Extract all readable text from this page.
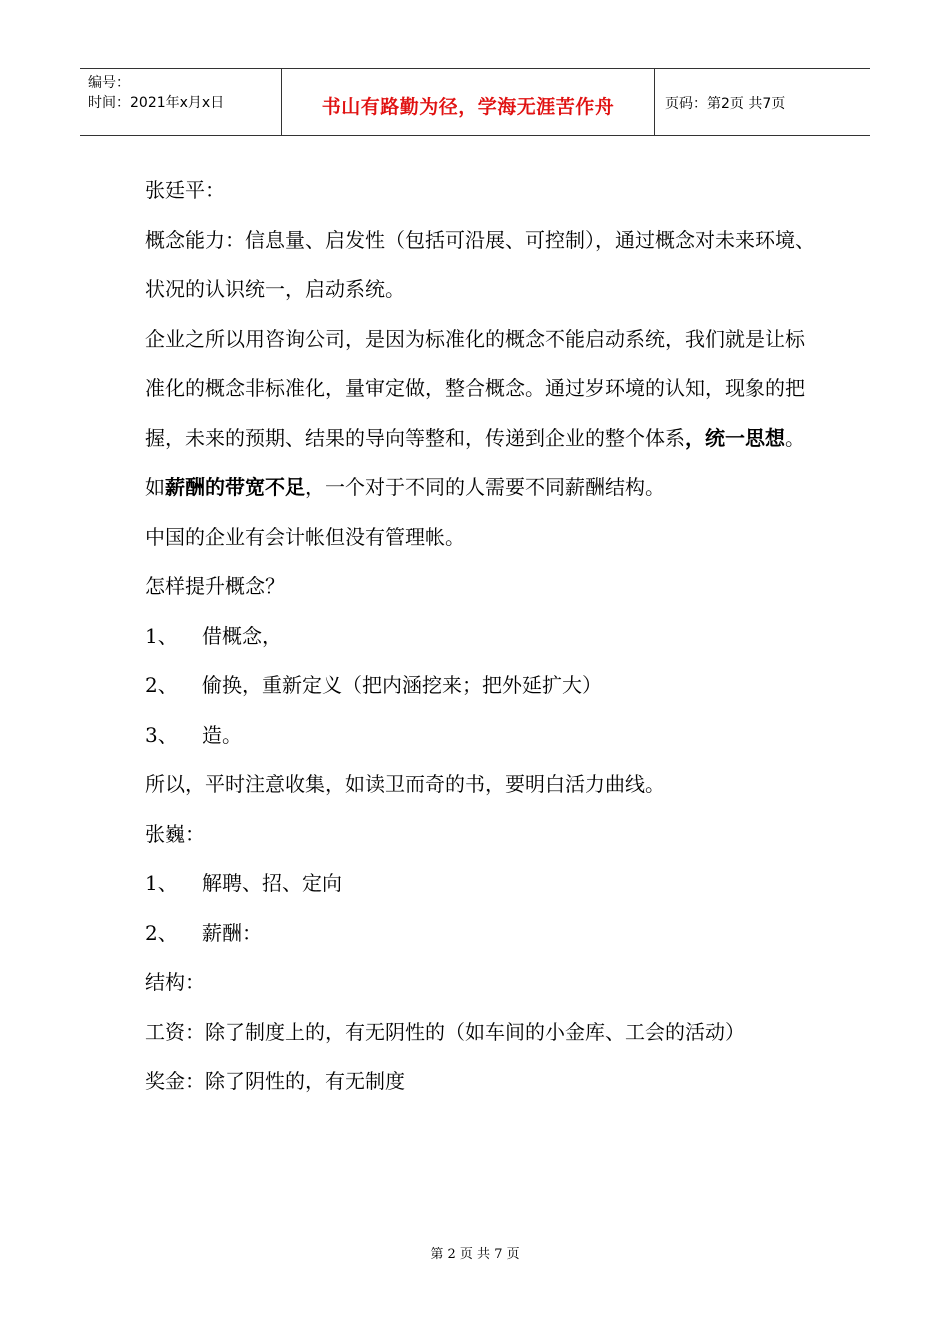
编号：
时间：2021年x月x日	书山有路勤为径，学海无涯苦作舟	页码：第2页 共7页

张廷平：

概念能力：信息量、启发性（包括可沿展、可控制），通过概念对未来环境、状况的认识统一，启动系统。

企业之所以用咨询公司，是因为标准化的概念不能启动系统，我们就是让标准化的概念非标准化，量审定做，整合概念。通过岁环境的认知，现象的把握，未来的预期、结果的导向等整和，传递到企业的整个体系，统一思想。如薪酬的带宽不足，一个对于不同的人需要不同薪酬结构。

中国的企业有会计帐但没有管理帐。

怎样提升概念？

1、	借概念，
2、	偷换，重新定义（把内涵挖来；把外延扩大）
3、	造。

所以，平时注意收集，如读卫而奇的书，要明白活力曲线。

张巍：

1、	解聘、招、定向
2、	薪酬：

结构：

工资：除了制度上的，有无阴性的（如车间的小金库、工会的活动）

奖金：除了阴性的，有无制度

第 2 页 共 7 页
